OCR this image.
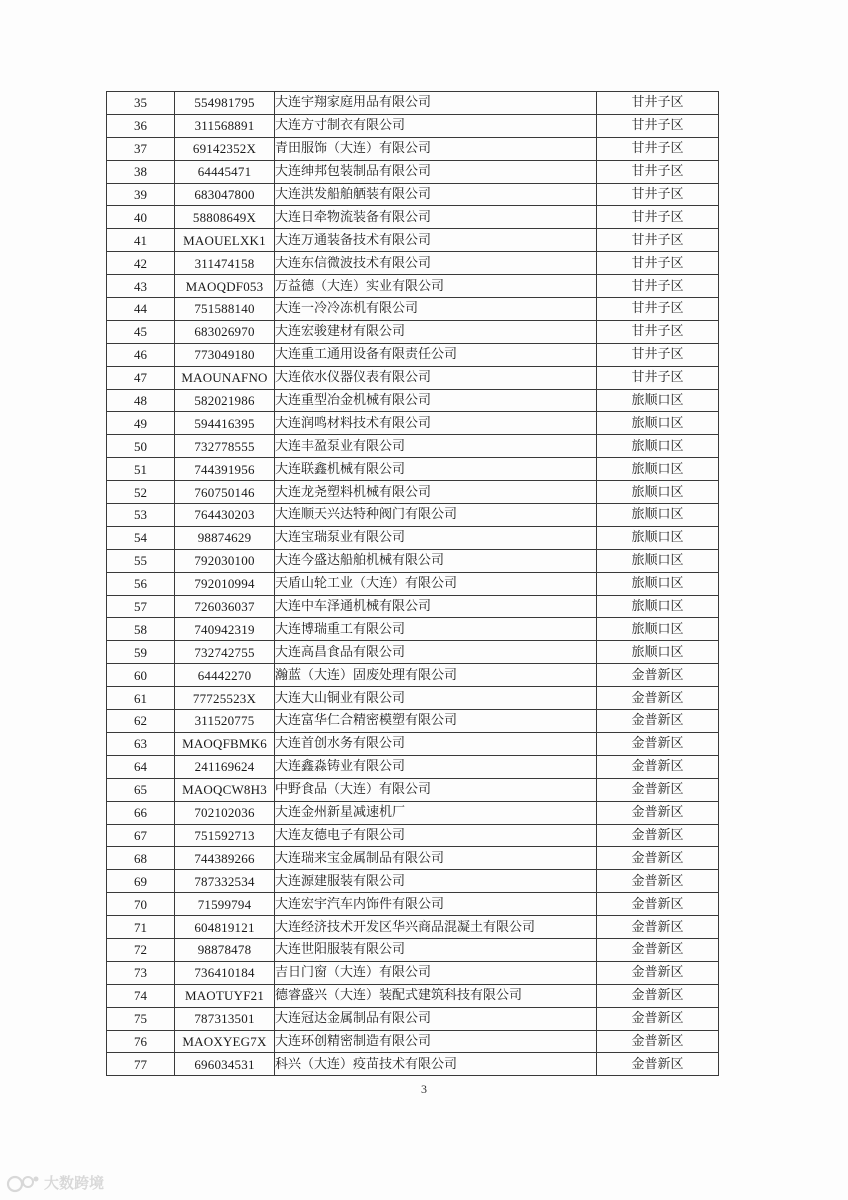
35	554981795	大连宇翔家庭用品有限公司	甘井子区
36	311568891	大连方寸制衣有限公司	甘井子区
37	69142352X	青田服饰（大连）有限公司	甘井子区
38	64445471	大连绅邦包装制品有限公司	甘井子区
39	683047800	大连洪发船舶舾装有限公司	甘井子区
40	58808649X	大连日牵物流装备有限公司	甘井子区
41	MAOUELXK1	大连万通装备技术有限公司	甘井子区
42	311474158	大连东信微波技术有限公司	甘井子区
43	MAOQDF053	万益德（大连）实业有限公司	甘井子区
44	751588140	大连一冷冷冻机有限公司	甘井子区
45	683026970	大连宏骏建材有限公司	甘井子区
46	773049180	大连重工通用设备有限责任公司	甘井子区
47	MAOUNAFNO	大连依水仪器仪表有限公司	甘井子区
48	582021986	大连重型冶金机械有限公司	旅顺口区
49	594416395	大连润鸣材料技术有限公司	旅顺口区
50	732778555	大连丰盈泵业有限公司	旅顺口区
51	744391956	大连联鑫机械有限公司	旅顺口区
52	760750146	大连龙尧塑料机械有限公司	旅顺口区
53	764430203	大连顺天兴达特种阀门有限公司	旅顺口区
54	98874629	大连宝瑞泵业有限公司	旅顺口区
55	792030100	大连今盛达船舶机械有限公司	旅顺口区
56	792010994	天盾山轮工业（大连）有限公司	旅顺口区
57	726036037	大连中车泽通机械有限公司	旅顺口区
58	740942319	大连博瑞重工有限公司	旅顺口区
59	732742755	大连高昌食品有限公司	旅顺口区
60	64442270	瀚蓝（大连）固废处理有限公司	金普新区
61	77725523X	大连大山铜业有限公司	金普新区
62	311520775	大连富华仁合精密模塑有限公司	金普新区
63	MAOQFBMK6	大连首创水务有限公司	金普新区
64	241169624	大连鑫淼铸业有限公司	金普新区
65	MAOQCW8H3	中野食品（大连）有限公司	金普新区
66	702102036	大连金州新星减速机厂	金普新区
67	751592713	大连友德电子有限公司	金普新区
68	744389266	大连瑞来宝金属制品有限公司	金普新区
69	787332534	大连源建服装有限公司	金普新区
70	71599794	大连宏宇汽车内饰件有限公司	金普新区
71	604819121	大连经济技术开发区华兴商品混凝土有限公司	金普新区
72	98878478	大连世阳服装有限公司	金普新区
73	736410184	吉日门窗（大连）有限公司	金普新区
74	MAOTUYF21	德睿盛兴（大连）装配式建筑科技有限公司	金普新区
75	787313501	大连冠达金属制品有限公司	金普新区
76	MAOXYEG7X	大连环创精密制造有限公司	金普新区
77	696034531	科兴（大连）疫苗技术有限公司	金普新区
3
大数跨境
